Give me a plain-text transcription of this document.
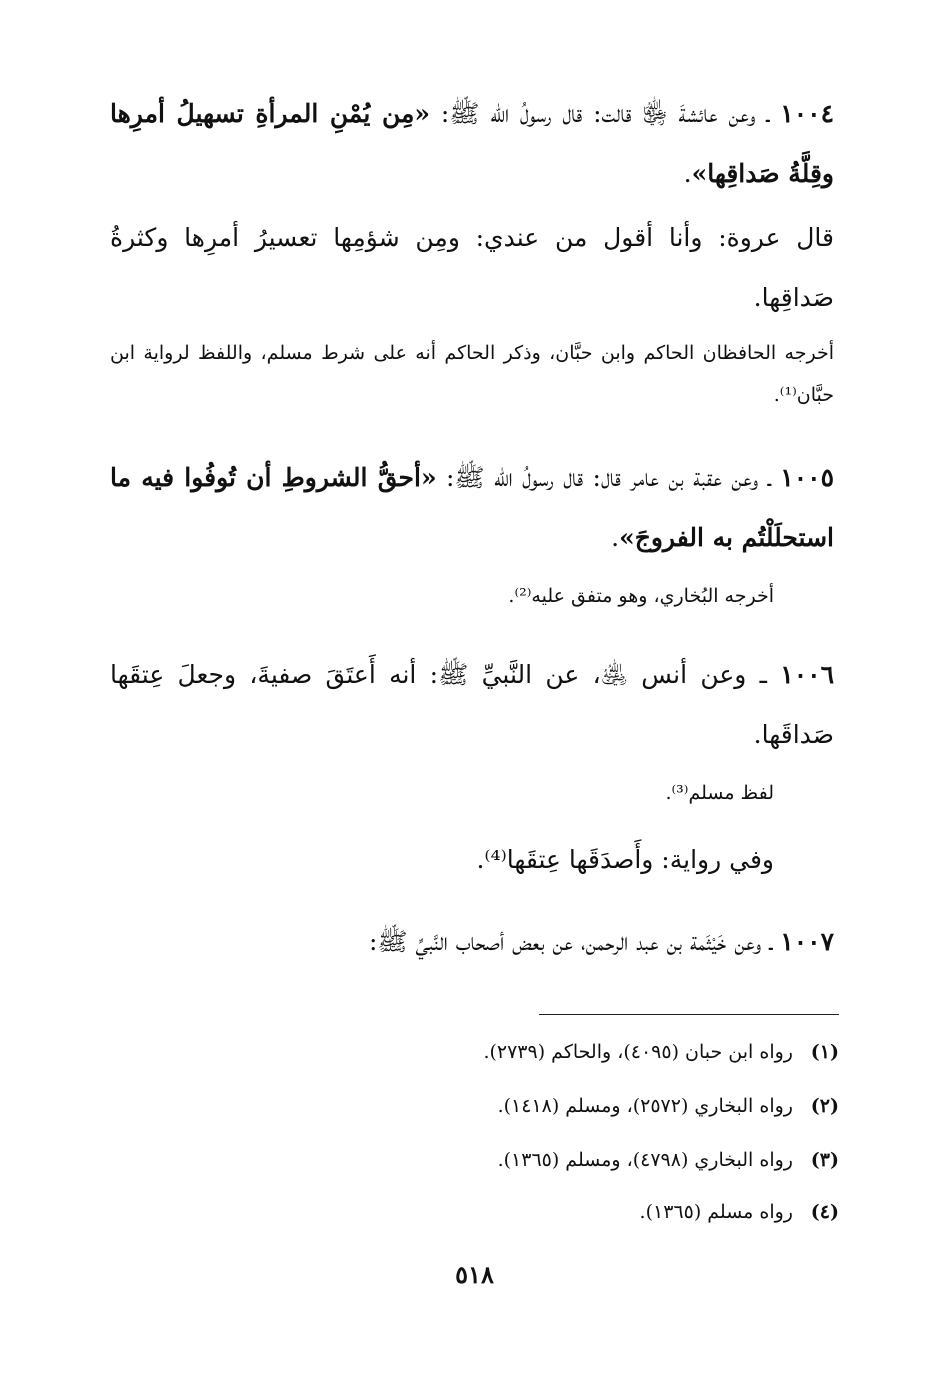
١٠٠٤ ـ وعن عائشةَ ﵂ قالت: قال رسولُ الله ﷺ: «مِن يُمْنِ المرأةِ تسهيلُ أمرِها وقِلَّةُ صَداقِها».

قال عروة: وأنا أقول من عندي: ومِن شؤمِها تعسيرُ أمرِها وكثرةُ صَداقِها.

أخرجه الحافظان الحاكم وابن حبَّان، وذكر الحاكم أنه على شرط مسلم، واللفظ لرواية ابن حبَّان⁽¹⁾.

١٠٠٥ ـ وعن عقبة بن عامر قال: قال رسولُ الله ﷺ: «أحقُّ الشروطِ أن تُوفُوا فيه ما استحلَلْتُم به الفروجَ».

أخرجه البُخاري، وهو متفق عليه⁽²⁾.

١٠٠٦ ـ وعن أنس ﵁، عن النَّبيِّ ﷺ: أنه أَعتَقَ صفيةَ، وجعلَ عِتقَها صَداقَها.

لفظ مسلم⁽³⁾.

وفي رواية: وأَصدَقَها عِتقَها⁽⁴⁾.

١٠٠٧ ـ وعن خَيْثَمة بن عبد الرحمن، عن بعض أصحاب النَّبيِّ ﷺ:

(١) رواه ابن حبان (٤٠٩٥)، والحاكم (٢٧٣٩).

(٢) رواه البخاري (٢٥٧٢)، ومسلم (١٤١٨).

(٣) رواه البخاري (٤٧٩٨)، ومسلم (١٣٦٥).

(٤) رواه مسلم (١٣٦٥).

٥١٨
